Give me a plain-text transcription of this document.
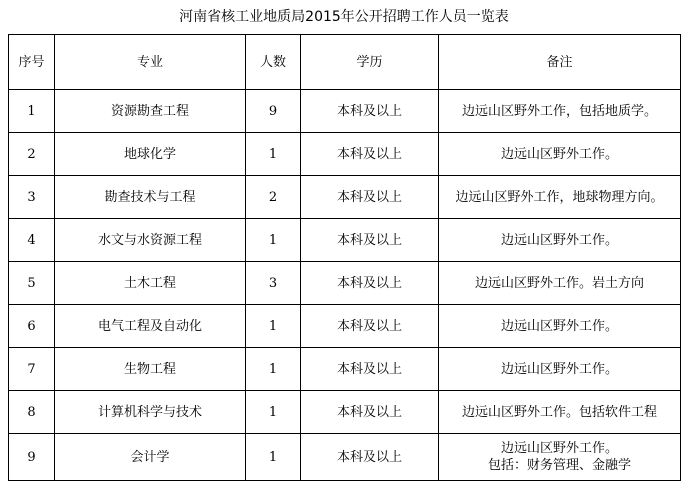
河南省核工业地质局2015年公开招聘工作人员一览表
序号	专业	人数	学历	备注
1	资源勘查工程	9	本科及以上	边远山区野外工作，包括地质学。
2	地球化学	1	本科及以上	边远山区野外工作。
3	勘查技术与工程	2	本科及以上	边远山区野外工作，地球物理方向。
4	水文与水资源工程	1	本科及以上	边远山区野外工作。
5	土木工程	3	本科及以上	边远山区野外工作。岩土方向
6	电气工程及自动化	1	本科及以上	边远山区野外工作。
7	生物工程	1	本科及以上	边远山区野外工作。
8	计算机科学与技术	1	本科及以上	边远山区野外工作。包括软件工程
9	会计学	1	本科及以上	边远山区野外工作。
包括：财务管理、金融学
